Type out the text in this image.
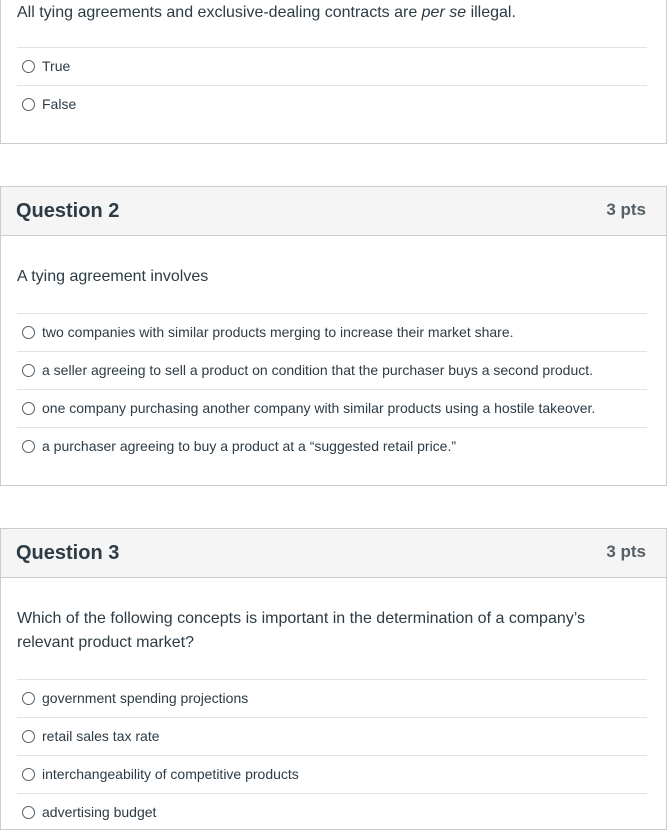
All tying agreements and exclusive-dealing contracts are per se illegal.
True
False
Question 2	3 pts
A tying agreement involves
two companies with similar products merging to increase their market share.
a seller agreeing to sell a product on condition that the purchaser buys a second product.
one company purchasing another company with similar products using a hostile takeover.
a purchaser agreeing to buy a product at a “suggested retail price.”
Question 3	3 pts
Which of the following concepts is important in the determination of a company’s relevant product market?
government spending projections
retail sales tax rate
interchangeability of competitive products
advertising budget
